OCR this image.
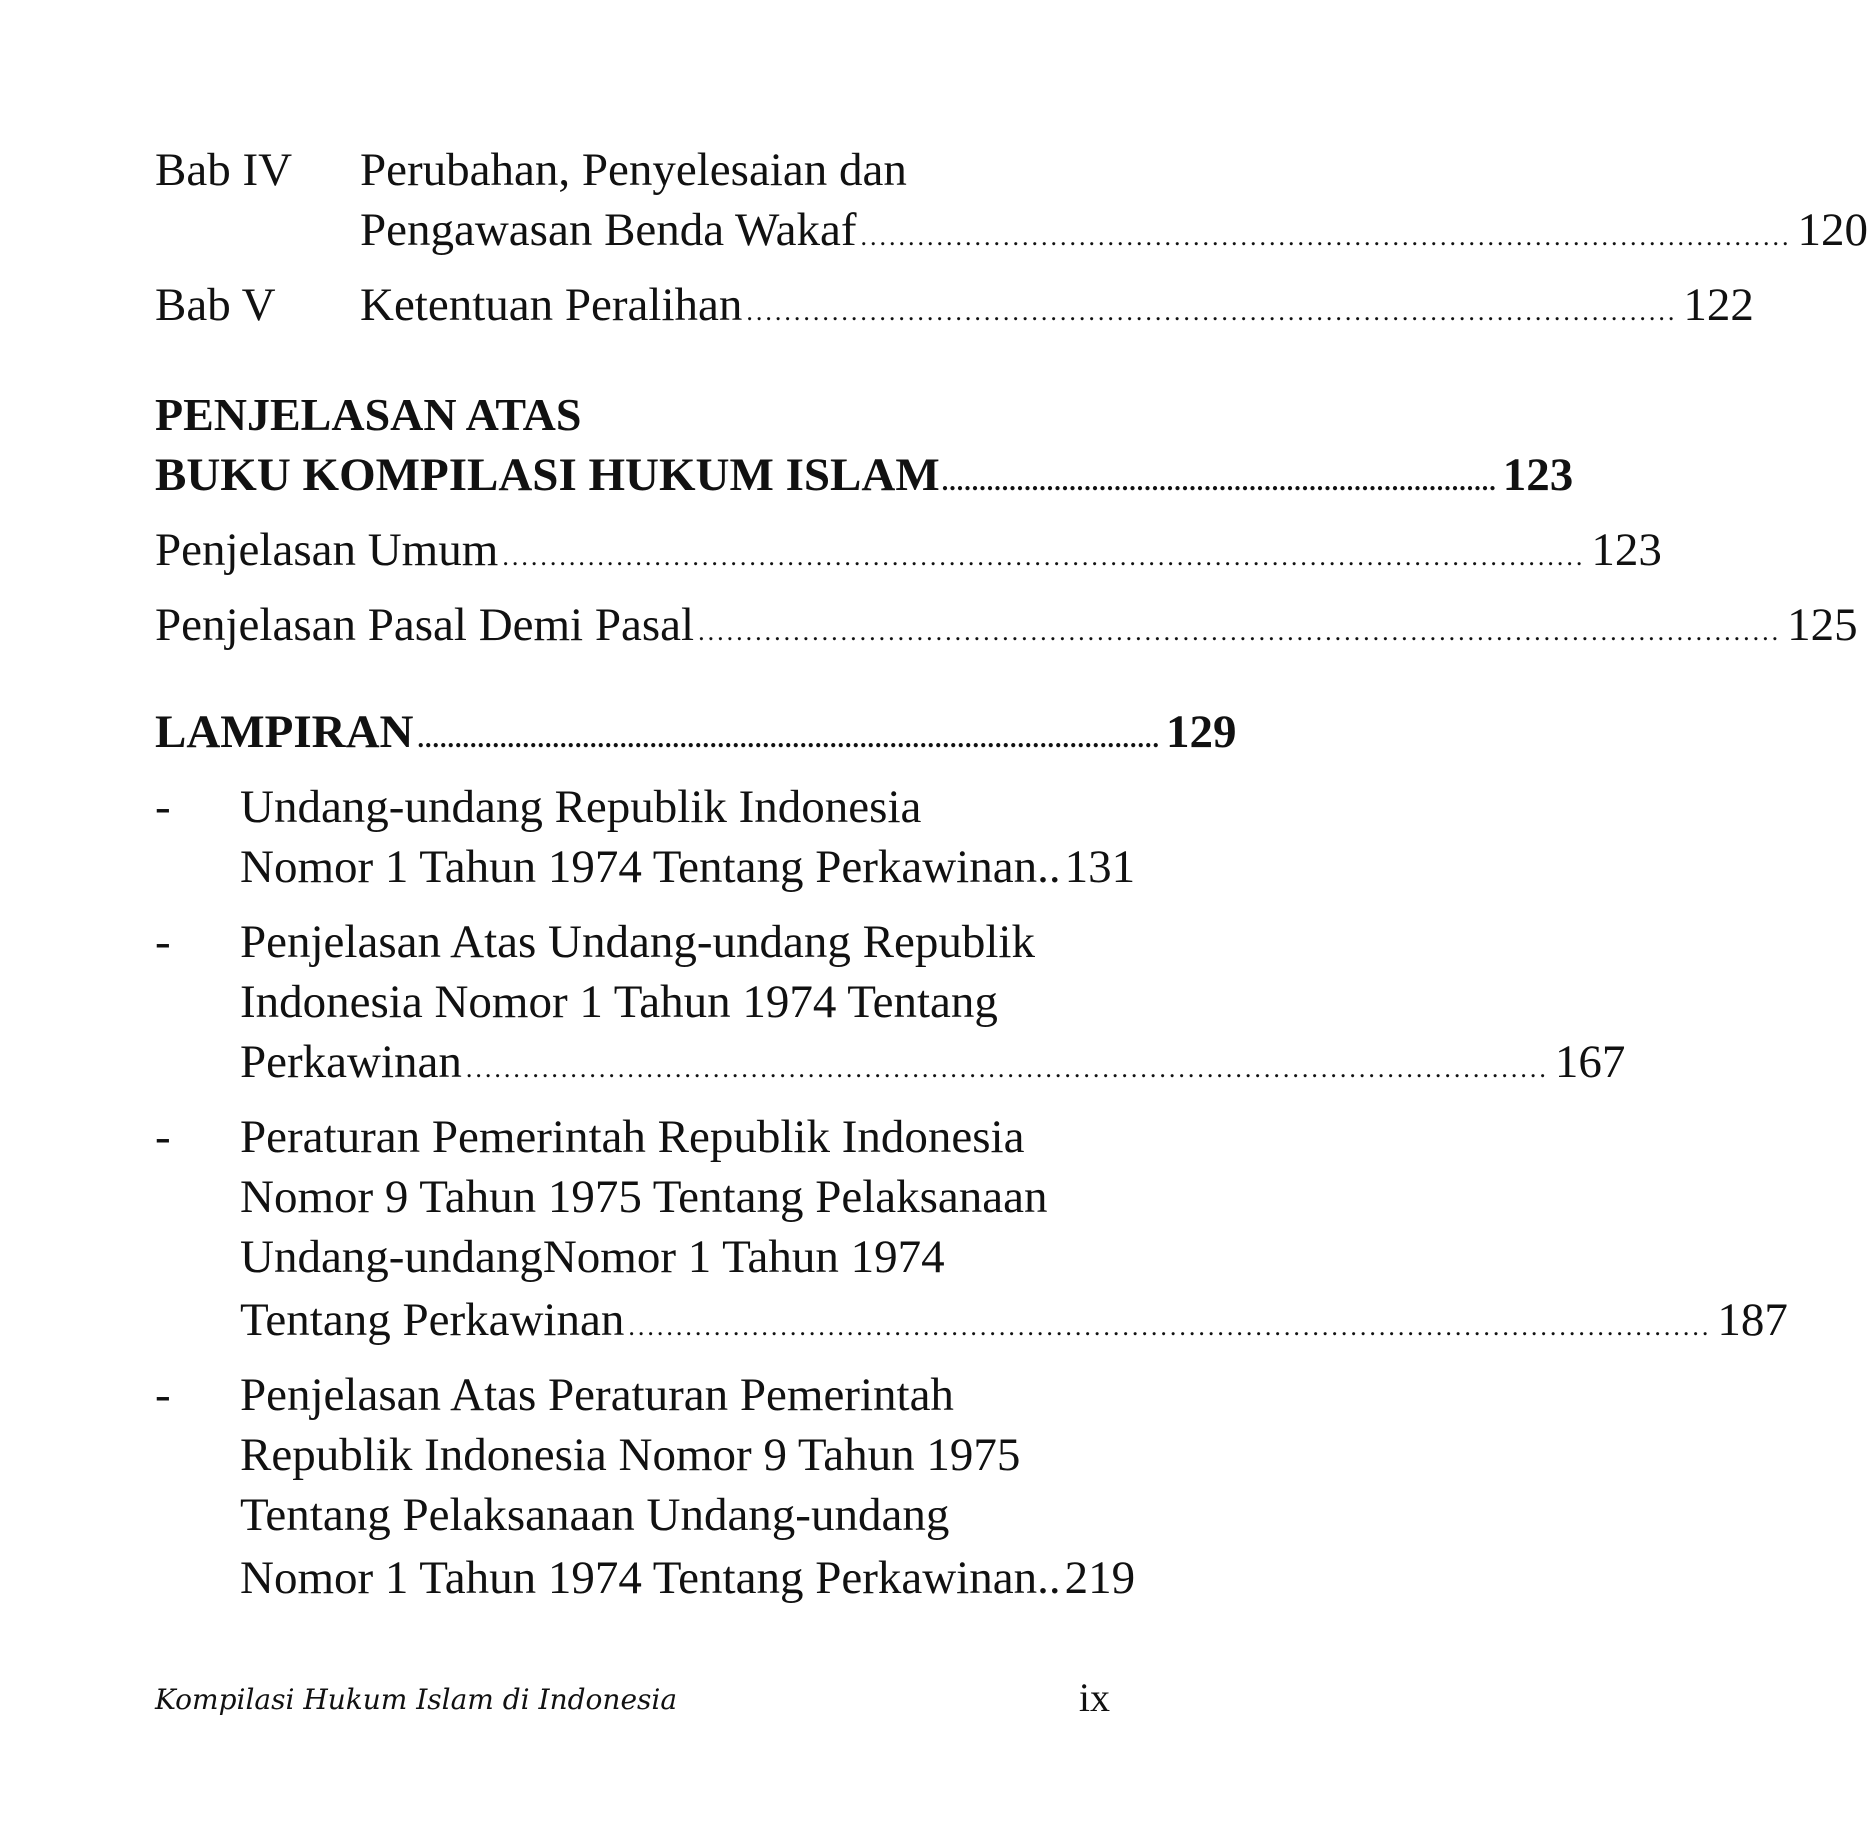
Bab IV Perubahan, Penyelesaian dan
Pengawasan Benda Wakaf .................................................................................................. 120
Bab V Ketentuan Peralihan .................................................................................................. 122
PENJELASAN ATAS
BUKU KOMPILASI HUKUM ISLAM .......................................................................... 123
Penjelasan Umum .................................................................................................................. 123
Penjelasan Pasal Demi Pasal .................................................................................................................. 125
LAMPIRAN ................................................................................................... 129
- Undang-undang Republik Indonesia
Nomor 1 Tahun 1974 Tentang Perkawinan.. 131
- Penjelasan Atas Undang-undang Republik
Indonesia Nomor 1 Tahun 1974 Tentang
Perkawinan .................................................................................................................. 167
- Peraturan Pemerintah Republik Indonesia
Nomor 9 Tahun 1975 Tentang Pelaksanaan
Undang-undangNomor 1 Tahun 1974
Tentang Perkawinan .................................................................................................................. 187
- Penjelasan Atas Peraturan Pemerintah
Republik Indonesia Nomor 9 Tahun 1975
Tentang Pelaksanaan Undang-undang
Nomor 1 Tahun 1974 Tentang Perkawinan.. 219
Kompilasi Hukum Islam di Indonesia	ix
